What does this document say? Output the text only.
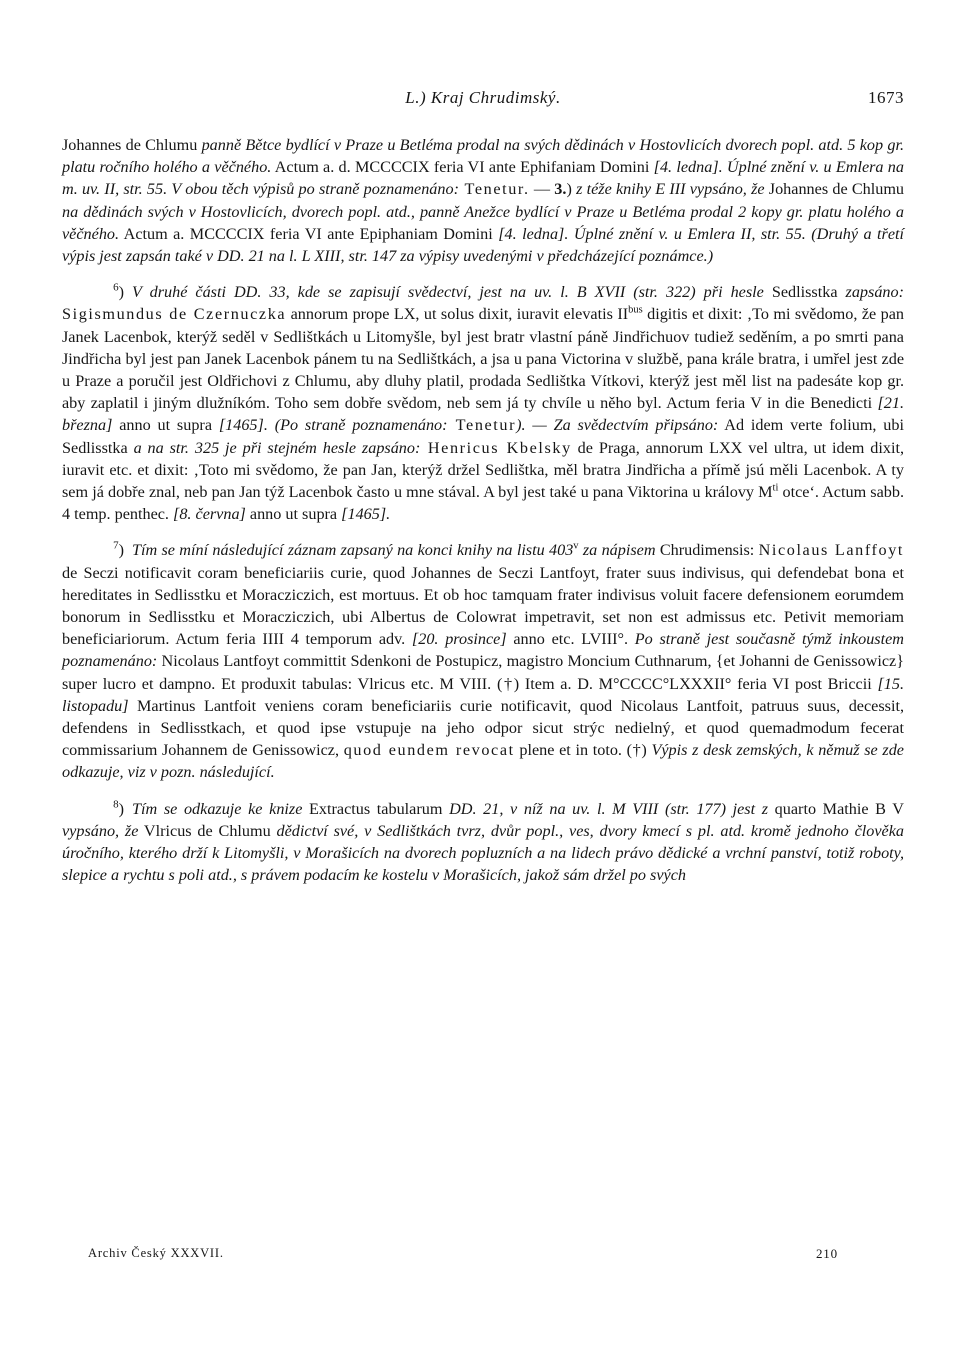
L.) Kraj Chrudimský.	1673

Johannes de Chlumu panně Bětce bydlící v Praze u Betléma prodal na svých dědinách v Hostovlicích dvorech popl. atd. 5 kop gr. platu ročního holého a věčného. Actum a. d. MCCCCIX feria VI ante Ephifaniam Domini [4. ledna]. Úplné znění v. u Emlera na m. uv. II, str. 55. V obou těch výpisů po straně poznamenáno: Tenetur. — 3.) z téže knihy E III vypsáno, že Johannes de Chlumu na dědinách svých v Hostovlicích, dvorech popl. atd., panně Anežce bydlící v Praze u Betléma prodal 2 kopy gr. platu holého a věčného. Actum a. MCCCCIX feria VI ante Epiphaniam Domini [4. ledna]. Úplné znění v. u Emlera II, str. 55. (Druhý a třetí výpis jest zapsán také v DD. 21 na l. L XIII, str. 147 za výpisy uvedenými v předcházející poznámce.)

$^6$) V druhé části DD. 33, kde se zapisují svědectví, jest na uv. l. B XVII (str. 322) při hesle Sedlisstka zapsáno: Sigismundus de Czernuczka annorum prope LX, ut solus dixit, iuravit elevatis $II^{bus}$ digitis et dixit: ‚To mi svědomo, že pan Janek Lacenbok, kterýž seděl v Sedlištkách u Litomyšle, byl jest bratr vlastní páně Jindřichuov tudiež seděním, a po smrti pana Jindřicha byl jest pan Janek Lacenbok pánem tu na Sedlištkách, a jsa u pana Victorina v službě, pana krále bratra, i umřel jest zde u Praze a poručil jest Oldřichovi z Chlumu, aby dluhy platil, prodada Sedlištka Vítkovi, kterýž jest měl list na padesáte kop gr. aby zaplatil i jiným dlužníkóm. Toho sem dobře svědom, neb sem já ty chvíle u něho byl. Actum feria V in die Benedicti [21. března] anno ut supra [1465]. (Po straně poznamenáno: Tenetur). — Za svědectvím připsáno: Ad idem verte folium, ubi Sedlisstka a na str. 325 je při stejném hesle zapsáno: Henricus Kbelsky de Praga, annorum LXX vel ultra, ut idem dixit, iuravit etc. et dixit: ‚Toto mi svědomo, že pan Jan, kterýž držel Sedlištka, měl bratra Jindřicha a přímě jsú měli Lacenbok. A ty sem já dobře znal, neb pan Jan týž Lacenbok často u mne stával. A byl jest také u pana Viktorina u královy $M^{ti}$ otce‘. Actum sabb. 4 temp. penthec. [8. června] anno ut supra [1465].

$^7$) Tím se míní následující záznam zapsaný na konci knihy na listu 403$^v$ za nápisem Chrudimensis: Nicolaus Lanffoyt de Seczi notificavit coram beneficiariis curie, quod Johannes de Seczi Lantfoyt, frater suus indivisus, qui defendebat bona et hereditates in Sedlisstku et Moracziczich, est mortuus. Et ob hoc tamquam frater indivisus voluit facere defensionem eorumdem bonorum in Sedlisstku et Moracziczich, ubi Albertus de Colowrat impetravit, set non est admissus etc. Petivit memoriam beneficiariorum. Actum feria IIII 4 temporum adv. [20. prosince] anno etc. LVIII°. Po straně jest současně týmž inkoustem poznamenáno: Nicolaus Lantfoyt committit Sdenkoni de Postupicz, magistro Moncium Cuthnarum, {et Johanni de Genissowicz} super lucro et dampno. Et produxit tabulas: Vlricus etc. M VIII. (†) Item a. D. M°CCCC°LXXXII° feria VI post Briccii [15. listopadu] Martinus Lantfoit veniens coram beneficiariis curie notificavit, quod Nicolaus Lantfoit, patruus suus, decessit, defendens in Sedlisstkach, et quod ipse vstupuje na jeho odpor sicut strýc nedielný, et quod quemadmodum fecerat commissarium Johannem de Genissowicz, quod eundem revocat plene et in toto. (†) Výpis z desk zemských, k němuž se zde odkazuje, viz v pozn. následující.

$^8$) Tím se odkazuje ke knize Extractus tabularum DD. 21, v níž na uv. l. M VIII (str. 177) jest z quarto Mathie B V vypsáno, že Vlricus de Chlumu dědictví své, v Sedlištkách tvrz, dvůr popl., ves, dvory kmecí s pl. atd. kromě jednoho člověka úročního, kterého drží k Litomyšli, v Morašicích na dvorech popluzních a na lidech právo dědické a vrchní panství, totiž roboty, slepice a rychtu s poli atd., s právem podacím ke kostelu v Morašicích, jakož sám držel po svých

Archiv Český XXXVII.	210
